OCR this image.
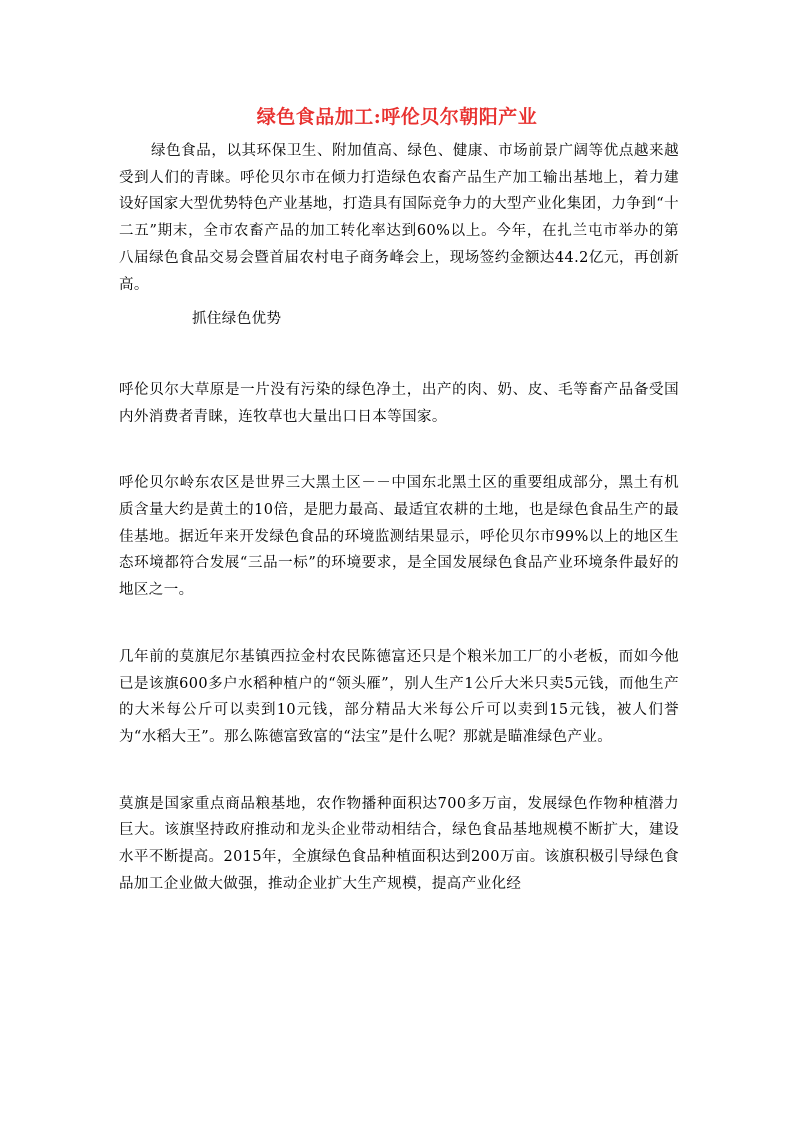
绿色食品加工:呼伦贝尔朝阳产业

绿色食品，以其环保卫生、附加值高、绿色、健康、市场前景广阔等优点越来越受到人们的青睐。呼伦贝尔市在倾力打造绿色农畜产品生产加工输出基地上，着力建设好国家大型优势特色产业基地，打造具有国际竞争力的大型产业化集团，力争到“十二五”期末，全市农畜产品的加工转化率达到60%以上。今年，在扎兰屯市举办的第八届绿色食品交易会暨首届农村电子商务峰会上，现场签约金额达44.2亿元，再创新高。

抓住绿色优势

呼伦贝尔大草原是一片没有污染的绿色净土，出产的肉、奶、皮、毛等畜产品备受国内外消费者青睐，连牧草也大量出口日本等国家。

呼伦贝尔岭东农区是世界三大黑土区－－中国东北黑土区的重要组成部分，黑土有机质含量大约是黄土的10倍，是肥力最高、最适宜农耕的土地，也是绿色食品生产的最佳基地。据近年来开发绿色食品的环境监测结果显示，呼伦贝尔市99%以上的地区生态环境都符合发展“三品一标”的环境要求，是全国发展绿色食品产业环境条件最好的地区之一。

几年前的莫旗尼尔基镇西拉金村农民陈德富还只是个粮米加工厂的小老板，而如今他已是该旗600多户水稻种植户的“领头雁”，别人生产1公斤大米只卖5元钱，而他生产的大米每公斤可以卖到10元钱，部分精品大米每公斤可以卖到15元钱，被人们誉为“水稻大王”。那么陈德富致富的“法宝”是什么呢？那就是瞄准绿色产业。

莫旗是国家重点商品粮基地，农作物播种面积达700多万亩，发展绿色作物种植潜力巨大。该旗坚持政府推动和龙头企业带动相结合，绿色食品基地规模不断扩大，建设水平不断提高。2015年，全旗绿色食品种植面积达到200万亩。该旗积极引导绿色食品加工企业做大做强，推动企业扩大生产规模，提高产业化经
